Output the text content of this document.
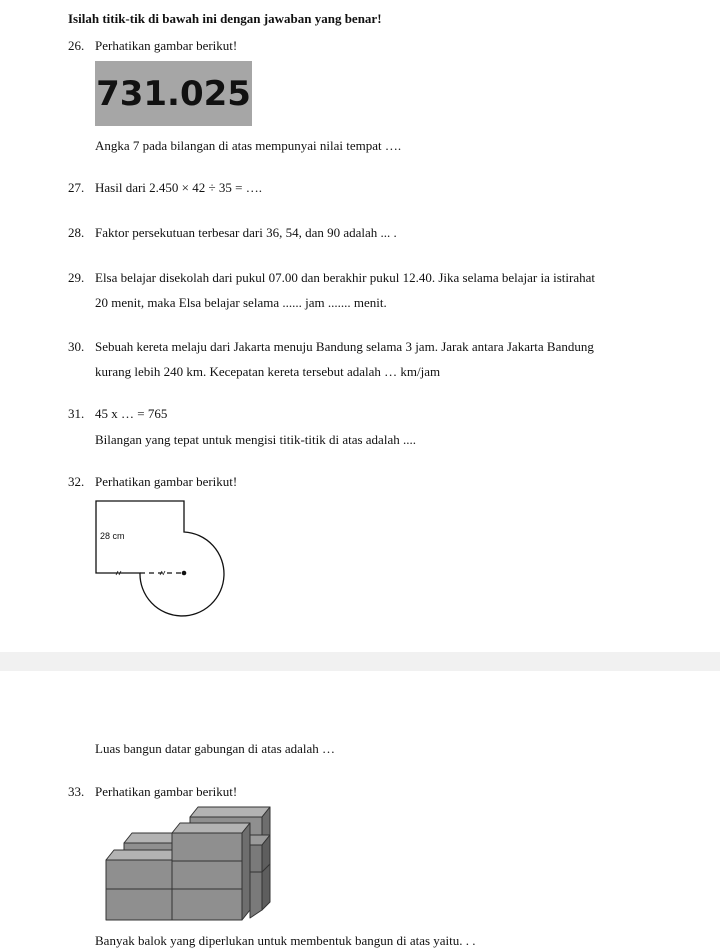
Isilah titik-tik di bawah ini dengan jawaban yang benar!
26. Perhatikan gambar berikut!
731.025
Angka 7 pada bilangan di atas mempunyai nilai tempat ….
27. Hasil dari 2.450 × 42 ÷ 35 = ….
28. Faktor persekutuan terbesar dari 36, 54, dan 90 adalah ... .
29. Elsa belajar disekolah dari pukul 07.00 dan berakhir pukul 12.40. Jika selama belajar ia istirahat
20 menit, maka Elsa belajar selama ...... jam ....... menit.
30. Sebuah kereta melaju dari Jakarta menuju Bandung selama 3 jam. Jarak antara Jakarta Bandung
kurang lebih 240 km. Kecepatan kereta tersebut adalah … km/jam
31. 45 x … = 765
Bilangan yang tepat untuk mengisi titik-titik di atas adalah ....
32. Perhatikan gambar berikut!
28 cm
Luas bangun datar gabungan di atas adalah …
33. Perhatikan gambar berikut!
Banyak balok yang diperlukan untuk membentuk bangun di atas yaitu. . .
